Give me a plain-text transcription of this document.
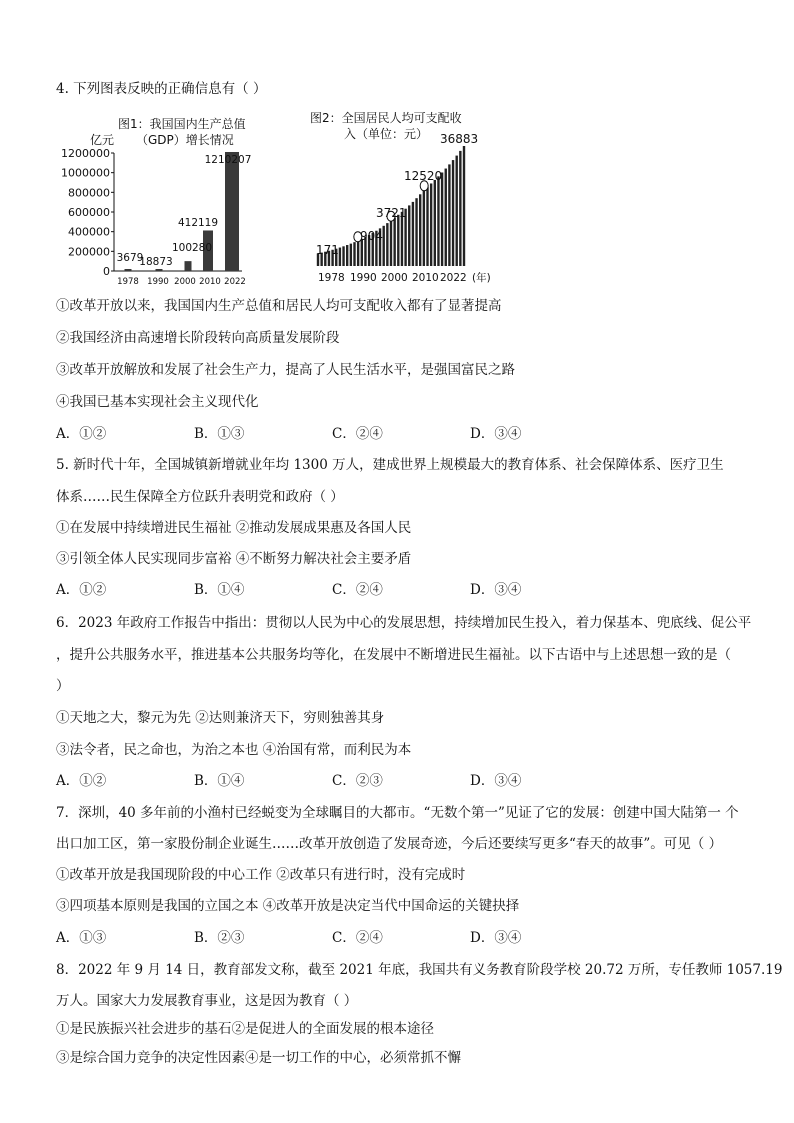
4. 下列图表反映的正确信息有（ ）
图1：我国国内生产总值
（GDP）增长情况
亿元
1200000
1000000
800000
600000
400000
200000
0
3679
18873
100280
412119
1210207
1978 1990 2000 2010 2022
图2：全国居民人均可支配收
入（单位：元）
171
904
3721
12520
36883
1978 1990 2000 2010 2022 (年)
①改革开放以来，我国国内生产总值和居民人均可支配收入都有了显著提高
②我国经济由高速增长阶段转向高质量发展阶段
③改革开放解放和发展了社会生产力，提高了人民生活水平，是强国富民之路
④我国已基本实现社会主义现代化
A．①②	B．①③	C．②④	D．③④
5. 新时代十年，全国城镇新增就业年均 1300 万人，建成世界上规模最大的教育体系、社会保障体系、医疗卫生
体系……民生保障全方位跃升表明党和政府（ ）
①在发展中持续增进民生福祉 ②推动发展成果惠及各国人民
③引领全体人民实现同步富裕 ④不断努力解决社会主要矛盾
A．①②	B．①④	C．②④	D．③④
6．2023 年政府工作报告中指出：贯彻以人民为中心的发展思想，持续增加民生投入，着力保基本、兜底线、促公平
，提升公共服务水平，推进基本公共服务均等化，在发展中不断增进民生福祉。以下古语中与上述思想一致的是（
）
①天地之大，黎元为先 ②达则兼济天下，穷则独善其身
③法令者，民之命也，为治之本也 ④治国有常，而利民为本
A．①②	B．①④	C．②③	D．③④
7．深圳，40 多年前的小渔村已经蜕变为全球瞩目的大都市。“无数个第一”见证了它的发展：创建中国大陆第一 个
出口加工区，第一家股份制企业诞生……改革开放创造了发展奇迹，今后还要续写更多“春天的故事”。可见（ ）
①改革开放是我国现阶段的中心工作 ②改革只有进行时，没有完成时
③四项基本原则是我国的立国之本 ④改革开放是决定当代中国命运的关键抉择
A．①③	B．②③	C．②④	D．③④
8．2022 年 9 月 14 日，教育部发文称，截至 2021 年底，我国共有义务教育阶段学校 20.72 万所，专任教师 1057.19
万人。国家大力发展教育事业，这是因为教育（ ）
①是民族振兴社会进步的基石②是促进人的全面发展的根本途径
③是综合国力竞争的决定性因素④是一切工作的中心，必须常抓不懈
